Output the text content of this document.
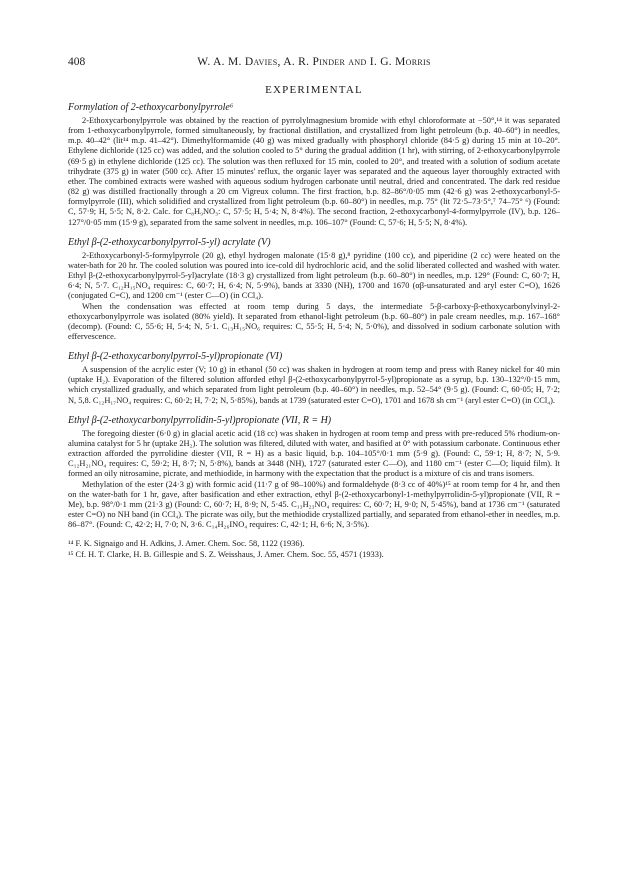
408	W. A. M. Davies, A. R. Pinder and I. G. Morris
EXPERIMENTAL
Formylation of 2-ethoxycarbonylpyrrole⁶

2-Ethoxycarbonylpyrrole was obtained by the reaction of pyrrolylmagnesium bromide with ethyl chloroformate at −50°,¹⁴ it was separated from 1-ethoxycarbonylpyrrole, formed simultaneously, by fractional distillation, and crystallized from light petroleum (b.p. 40–60°) in needles, m.p. 40–42° (lit¹⁴ m.p. 41–42°). Dimethylformamide (40 g) was mixed gradually with phosphoryl chloride (84·5 g) during 15 min at 10–20°. Ethylene dichloride (125 cc) was added, and the solution cooled to 5° during the gradual addition (1 hr), with stirring, of 2-ethoxycarbonylpyrrole (69·5 g) in ethylene dichloride (125 cc). The solution was then refluxed for 15 min, cooled to 20°, and treated with a solution of sodium acetate trihydrate (375 g) in water (500 cc). After 15 minutes' reflux, the organic layer was separated and the aqueous layer thoroughly extracted with ether. The combined extracts were washed with aqueous sodium hydrogen carbonate until neutral, dried and concentrated. The dark red residue (82 g) was distilled fractionally through a 20 cm Vigreux column. The first fraction, b.p. 82–86°/0·05 mm (42·6 g) was 2-ethoxycarbonyl-5-formylpyrrole (III), which solidified and crystallized from light petroleum (b.p. 60–80°) in needles, m.p. 75° (lit 72·5–73·5°,⁷ 74–75° ⁶) (Found: C, 57·9; H, 5·5; N, 8·2. Calc. for C₈H₉NO₃: C, 57·5; H, 5·4; N, 8·4%). The second fraction, 2-ethoxycarbonyl-4-formylpyrrole (IV), b.p. 126–127°/0·05 mm (15·9 g), separated from the same solvent in needles, m.p. 106–107° (Found: C, 57·6; H, 5·5; N, 8·4%).

Ethyl β-(2-ethoxycarbonylpyrrol-5-yl) acrylate (V)

2-Ethoxycarbonyl-5-formylpyrrole (20 g), ethyl hydrogen malonate (15·8 g),⁸ pyridine (100 cc), and piperidine (2 cc) were heated on the water-bath for 20 hr. The cooled solution was poured into ice-cold dil hydrochloric acid, and the solid liberated collected and washed with water. Ethyl β-(2-ethoxycarbonylpyrrol-5-yl)acrylate (18·3 g) crystallized from light petroleum (b.p. 60–80°) in needles, m.p. 129° (Found: C, 60·7; H, 6·4; N, 5·7. C₁₂H₁₅NO₄ requires: C, 60·7; H, 6·4; N, 5·9%), bands at 3330 (NH), 1700 and 1670 (αβ-unsaturated and aryl ester C=O), 1626 (conjugated C=C), and 1200 cm⁻¹ (ester C—O) (in CCl₄).

When the condensation was effected at room temp during 5 days, the intermediate 5-β-carboxy-β-ethoxycarbonylvinyl-2-ethoxycarbonylpyrrole was isolated (80% yield). It separated from ethanol-light petroleum (b.p. 60–80°) in pale cream needles, m.p. 167–168° (decomp). (Found: C, 55·6; H, 5·4; N, 5·1. C₁₃H₁₅NO₆ requires: C, 55·5; H, 5·4; N, 5·0%), and dissolved in sodium carbonate solution with effervescence.

Ethyl β-(2-ethoxycarbonylpyrrol-5-yl)propionate (VI)

A suspension of the acrylic ester (V; 10 g) in ethanol (50 cc) was shaken in hydrogen at room temp and press with Raney nickel for 40 min (uptake H₂). Evaporation of the filtered solution afforded ethyl β-(2-ethoxycarbonylpyrrol-5-yl)propionate as a syrup, b.p. 130–132°/0·15 mm, which crystallized gradually, and which separated from light petroleum (b.p. 40–60°) in needles, m.p. 52–54° (9·5 g). (Found: C, 60·05; H, 7·2; N, 5,8. C₁₂H₁₇NO₄ requires: C, 60·2; H, 7·2; N, 5·85%), bands at 1739 (saturated ester C=O), 1701 and 1678 sh cm⁻¹ (aryl ester C=O) (in CCl₄).

Ethyl β-(2-ethoxycarbonylpyrrolidin-5-yl)propionate (VII, R = H)

The foregoing diester (6·0 g) in glacial acetic acid (18 cc) was shaken in hydrogen at room temp and press with pre-reduced 5% rhodium-on-alumina catalyst for 5 hr (uptake 2H₂). The solution was filtered, diluted with water, and basified at 0° with potassium carbonate. Continuous ether extraction afforded the pyrrolidine diester (VII, R = H) as a basic liquid, b.p. 104–105°/0·1 mm (5·9 g). (Found: C, 59·1; H, 8·7; N, 5·9. C₁₂H₂₁NO₄ requires: C, 59·2; H, 8·7; N, 5·8%), bands at 3448 (NH), 1727 (saturated ester C—O), and 1180 cm⁻¹ (ester C—O; liquid film). It formed an oily nitrosamine, picrate, and methiodide, in harmony with the expectation that the product is a mixture of cis and trans isomers.

Methylation of the ester (24·3 g) with formic acid (11·7 g of 98–100%) and formaldehyde (8·3 cc of 40%)¹⁵ at room temp for 4 hr, and then on the water-bath for 1 hr, gave, after basification and ether extraction, ethyl β-(2-ethoxycarbonyl-1-methylpyrrolidin-5-yl)propionate (VII, R = Me), b.p. 98°/0·1 mm (21·3 g) (Found: C, 60·7; H, 8·9; N, 5·45. C₁₃H₂₃NO₄ requires: C, 60·7; H, 9·0; N, 5·45%), band at 1736 cm⁻¹ (saturated ester C=O) no NH band (in CCl₄). The picrate was oily, but the methiodide crystallized partially, and separated from ethanol-ether in needles, m.p. 86–87°. (Found: C, 42·2; H, 7·0; N, 3·6. C₁₄H₂₆INO₄ requires: C, 42·1; H, 6·6; N, 3·5%).

¹⁴ F. K. Signaigo and H. Adkins, J. Amer. Chem. Soc. 58, 1122 (1936).
¹⁵ Cf. H. T. Clarke, H. B. Gillespie and S. Z. Weisshaus, J. Amer. Chem. Soc. 55, 4571 (1933).
